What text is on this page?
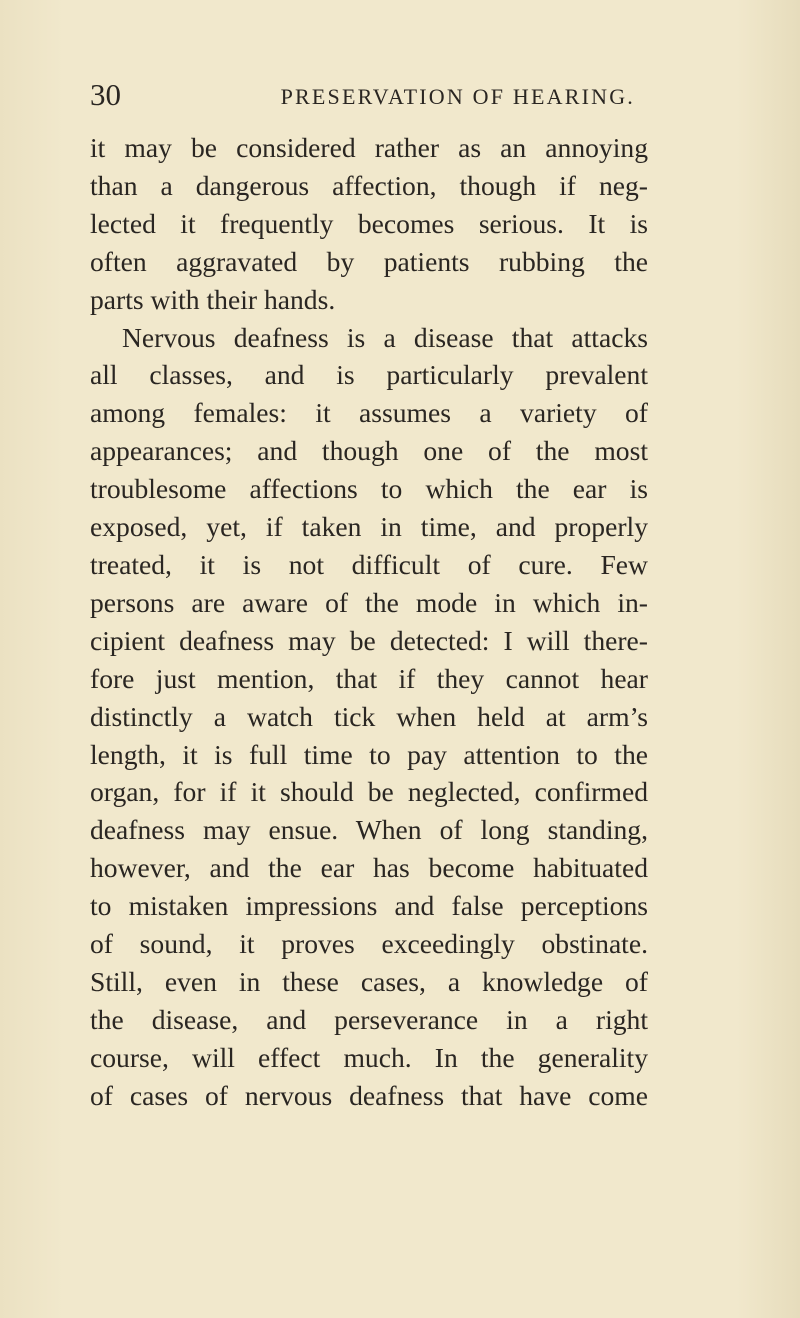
30	PRESERVATION OF HEARING.
it may be considered rather as an annoying
than a dangerous affection, though if neg-
lected it frequently becomes serious. It is
often aggravated by patients rubbing the
parts with their hands.
Nervous deafness is a disease that attacks
all classes, and is particularly prevalent
among females: it assumes a variety of
appearances; and though one of the most
troublesome affections to which the ear is
exposed, yet, if taken in time, and properly
treated, it is not difficult of cure. Few
persons are aware of the mode in which in-
cipient deafness may be detected: I will there-
fore just mention, that if they cannot hear
distinctly a watch tick when held at arm’s
length, it is full time to pay attention to the
organ, for if it should be neglected, confirmed
deafness may ensue. When of long standing,
however, and the ear has become habituated
to mistaken impressions and false perceptions
of sound, it proves exceedingly obstinate.
Still, even in these cases, a knowledge of
the disease, and perseverance in a right
course, will effect much. In the generality
of cases of nervous deafness that have come
